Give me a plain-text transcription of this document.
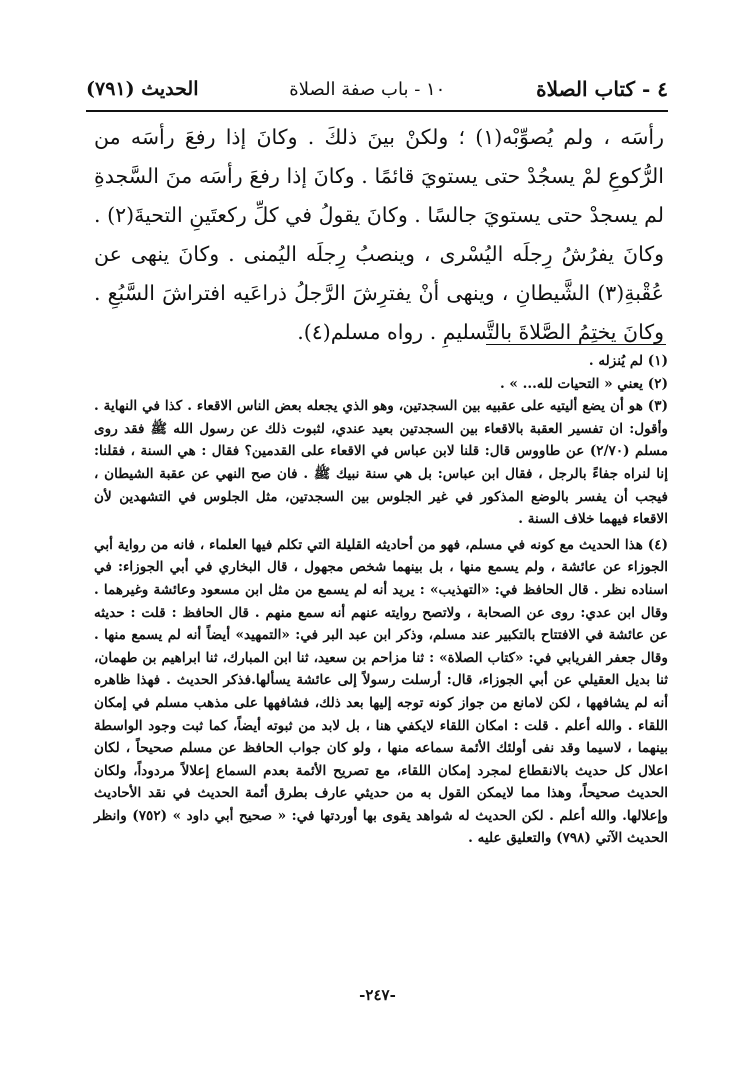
٤ - كتاب الصلاة
١٠ - باب صفة الصلاة
الحديث (٧٩١)

رأسَه ، ولم يُصوِّبْه(١) ؛ ولكنْ بينَ ذلكَ . وكانَ إذا رفعَ رأسَه من الرُّكوعِ لمْ يسجُدْ حتى يستويَ قائمًا . وكانَ إذا رفعَ رأسَه منَ السَّجدةِ لم يسجدْ حتى يستويَ جالسًا . وكانَ يقولُ في كلِّ ركعتَينِ التحيةَ(٢) . وكانَ يفرُشُ رِجلَه اليُسْرى ، وينصبُ رِجلَه اليُمنى . وكانَ ينهى عن عُقْبةِ(٣) الشَّيطانِ ، وينهى أنْ يفترِشَ الرَّجلُ ذراعَيه افتراشَ السَّبُعِ . وكانَ يختِمُ الصَّلاةَ بالتَّسليمِ . رواه مسلم(٤).

(١) لم يُنزله .

(٢) يعني « التحيات لله... » .

(٣) هو أن يضع أليتيه على عقبيه بين السجدتين، وهو الذي يجعله بعض الناس الاقعاء . كذا في النهاية . وأقول: ان تفسير العقبة بالاقعاء بين السجدتين بعيد عندي، لثبوت ذلك عن رسول الله ﷺ فقد روى مسلم (٢/٧٠) عن طاووس قال: قلنا لابن عباس في الاقعاء على القدمين؟ فقال : هي السنة ، فقلنا: إنا لنراه جفاءً بالرجل ، فقال ابن عباس: بل هي سنة نبيك ﷺ . فان صح النهي عن عقبة الشيطان ، فيجب أن يفسر بالوضع المذكور في غير الجلوس بين السجدتين، مثل الجلوس في التشهدين لأن الاقعاء فيهما خلاف السنة .

(٤) هذا الحديث مع كونه في مسلم، فهو من أحاديثه القليلة التي تكلم فيها العلماء ، فانه من رواية أبي الجوزاء عن عائشة ، ولم يسمع منها ، بل بينهما شخص مجهول ، قال البخاري في أبي الجوزاء: في اسناده نظر . قال الحافظ في: «التهذيب» : يريد أنه لم يسمع من مثل ابن مسعود وعائشة وغيرهما . وقال ابن عدي: روى عن الصحابة ، ولاتصح روايته عنهم أنه سمع منهم . قال الحافظ : قلت : حديثه عن عائشة في الافتتاح بالتكبير عند مسلم، وذكر ابن عبد البر في: «التمهيد» أيضاً أنه لم يسمع منها . وقال جعفر الفريابي في: «كتاب الصلاة» : ثنا مزاحم بن سعيد، ثنا ابن المبارك، ثنا ابراهيم بن طهمان، ثنا بديل العقيلي عن أبي الجوزاء، قال: أرسلت رسولاً إلى عائشة يسألها.فذكر الحديث . فهذا ظاهره أنه لم يشافهها ، لكن لامانع من جواز كونه توجه إليها بعد ذلك، فشافهها على مذهب مسلم في إمكان اللقاء . والله أعلم . قلت : امكان اللقاء لايكفي هنا ، بل لابد من ثبوته أيضاً، كما ثبت وجود الواسطة بينهما ، لاسيما وقد نفى أولئك الأئمة سماعه منها ، ولو كان جواب الحافظ عن مسلم صحيحاً ، لكان اعلال كل حديث بالانقطاع لمجرد إمكان اللقاء، مع تصريح الأئمة بعدم السماع إعلالاً مردوداً، ولكان الحديث صحيحاً، وهذا مما لايمكن القول به من حديثي عارف بطرق أئمة الحديث في نقد الأحاديث وإعلالها. والله أعلم . لكن الحديث له شواهد يقوى بها أوردتها في: « صحيح أبي داود » (٧٥٢) وانظر الحديث الآتي (٧٩٨) والتعليق عليه .

-٢٤٧-
